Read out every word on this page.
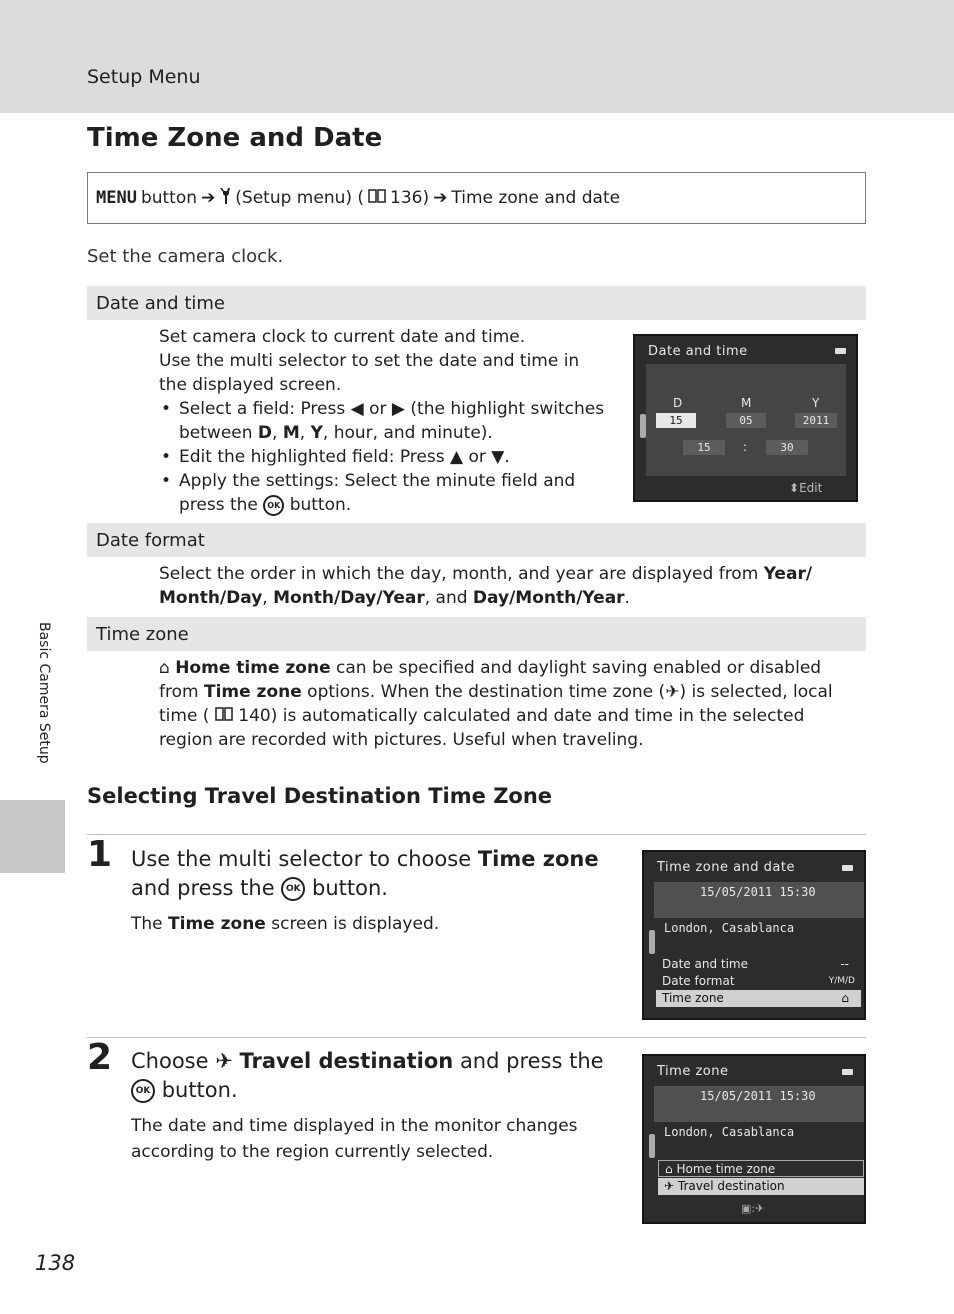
Setup Menu
Basic Camera Setup
Time Zone and Date
MENU button ➔ (Setup menu) ( 136) ➔ Time zone and date
Set the camera clock.
Date and time
Set camera clock to current date and time.
Use the multi selector to set the date and time in the displayed screen.
• Select a field: Press ◀ or ▶ (the highlight switches between D, M, Y, hour, and minute).
• Edit the highlighted field: Press ▲ or ▼.
• Apply the settings: Select the minute field and press the OK button.
Date and time
D	M	Y
15	05	2011
15	:	30
⬍Edit
Date format
Select the order in which the day, month, and year are displayed from Year/ Month/Day, Month/Day/Year, and Day/Month/Year.
Time zone
⌂ Home time zone can be specified and daylight saving enabled or disabled from Time zone options. When the destination time zone (✈) is selected, local time ( 140) is automatically calculated and date and time in the selected region are recorded with pictures. Useful when traveling.
Selecting Travel Destination Time Zone
1 Use the multi selector to choose Time zone and press the OK button.
The Time zone screen is displayed.
Time zone and date
15/05/2011 15:30
London, Casablanca
Date and time	--
Date format	Y/M/D
Time zone	⌂
2 Choose ✈ Travel destination and press the OK button.
The date and time displayed in the monitor changes according to the region currently selected.
Time zone
15/05/2011 15:30
London, Casablanca
⌂ Home time zone
✈ Travel destination
▣:✈
138
